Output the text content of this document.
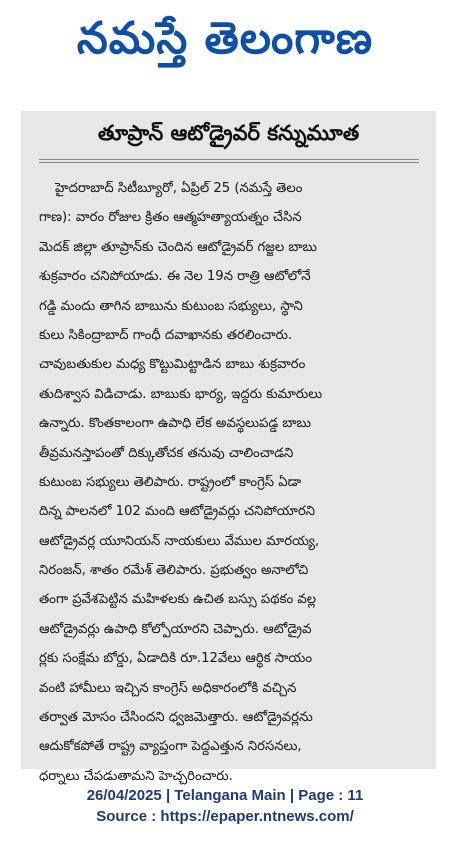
నమస్తే తెలంగాణ
తూప్రాన్ ఆటోడ్రైవర్ కన్నుమూత
హైదరాబాద్ సిటీబ్యూరో, ఏప్రిల్ 25 (నమస్తే తెలం
గాణ): వారం రోజుల క్రితం ఆత్మహత్యాయత్నం చేసిన
మెదక్ జిల్లా తూప్రాన్‌కు చెందిన ఆటోడ్రైవర్ గజ్జల బాబు
శుక్రవారం చనిపోయాడు. ఈ నెల 19న రాత్రి ఆటోలోనే
గడ్డి మందు తాగిన బాబును కుటుంబ సభ్యులు, స్థాని
కులు సికింద్రాబాద్ గాంధీ దవాఖానకు తరలించారు.
చావుబతుకుల మధ్య కొట్టుమిట్టాడిన బాబు శుక్రవారం
తుదిశ్వాస విడిచాడు. బాబుకు భార్య, ఇద్దరు కుమారులు
ఉన్నారు. కొంతకాలంగా ఉపాధి లేక అవస్థలుపడ్డ బాబు
తీవ్రమనస్తాపంతో దిక్కుతోచక తనువు చాలించాడని
కుటుంబ సభ్యులు తెలిపారు. రాష్ట్రంలో కాంగ్రెస్ ఏడా
దిన్న పాలనలో 102 మంది ఆటోడ్రైవర్లు చనిపోయారని
ఆటోడ్రైవర్ల యూనియన్ నాయకులు వేముల మారయ్య,
నిరంజన్, శాతం రమేశ్ తెలిపారు. ప్రభుత్వం అనాలోచి
తంగా ప్రవేశపెట్టిన మహిళలకు ఉచిత బస్సు పథకం వల్ల
ఆటోడ్రైవర్లు ఉపాధి కోల్పోయారని చెప్పారు. ఆటోడ్రైవ
ర్లకు సంక్షేమ బోర్డు, ఏడాదికి రూ.12వేలు ఆర్థిక సాయం
వంటి హామీలు ఇచ్చిన కాంగ్రెస్ అధికారంలోకి వచ్చిన
తర్వాత మోసం చేసిందని ధ్వజమెత్తారు. ఆటోడ్రైవర్లను
ఆదుకోకపోతే రాష్ట్ర వ్యాప్తంగా పెద్దఎత్తున నిరసనలు,
ధర్నాలు చేపడుతామని హెచ్చరించారు.
26/04/2025 | Telangana Main | Page : 11
Source : https://epaper.ntnews.com/
